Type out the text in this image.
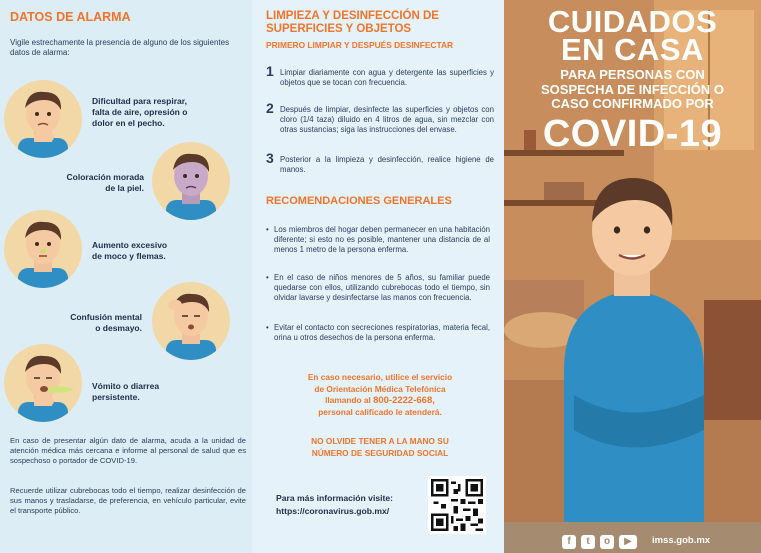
DATOS DE ALARMA
Vigile estrechamente la presencia de alguno de los siguientes datos de alarma:
Dificultad para respirar,
falta de aire, opresión o
dolor en el pecho.
Coloración morada
de la piel.
Aumento excesivo
de moco y flemas.
Confusión mental
o desmayo.
Vómito o diarrea
persistente.
En caso de presentar algún dato de alarma, acuda a la unidad de atención médica más cercana e informe al personal de salud que es sospechoso o portador de COVID-19.
Recuerde utilizar cubrebocas todo el tiempo, realizar desinfección de sus manos y trasladarse, de preferencia, en vehículo particular, evite el transporte público.
LIMPIEZA Y DESINFECCIÓN DE
SUPERFICIES Y OBJETOS
PRIMERO LIMPIAR Y DESPUÉS DESINFECTAR
1 Limpiar diariamente con agua y detergente las superficies y objetos que se tocan con frecuencia.
2 Después de limpiar, desinfecte las superficies y objetos con cloro (1/4 taza) diluido en 4 litros de agua, sin mezclar con otras sustancias; siga las instrucciones del envase.
3 Posterior a la limpieza y desinfección, realice higiene de manos.
RECOMENDACIONES GENERALES
• Los miembros del hogar deben permanecer en una habitación diferente; si esto no es posible, mantener una distancia de al menos 1 metro de la persona enferma.
• En el caso de niños menores de 5 años, su familiar puede quedarse con ellos, utilizando cubrebocas todo el tiempo, sin olvidar lavarse y desinfectarse las manos con frecuencia.
• Evitar el contacto con secreciones respiratorias, materia fecal, orina u otros desechos de la persona enferma.
En caso necesario, utilice el servicio
de Orientación Médica Telefónica
llamando al 800-2222-668,
personal calificado le atenderá.
NO OLVIDE TENER A LA MANO SU
NÚMERO DE SEGURIDAD SOCIAL
Para más información visite:
https://coronavirus.gob.mx/
CUIDADOS
EN CASA
PARA PERSONAS CON
SOSPECHA DE INFECCIÓN O
CASO CONFIRMADO POR
COVID-19
f	t	o	▶	imss.gob.mx
